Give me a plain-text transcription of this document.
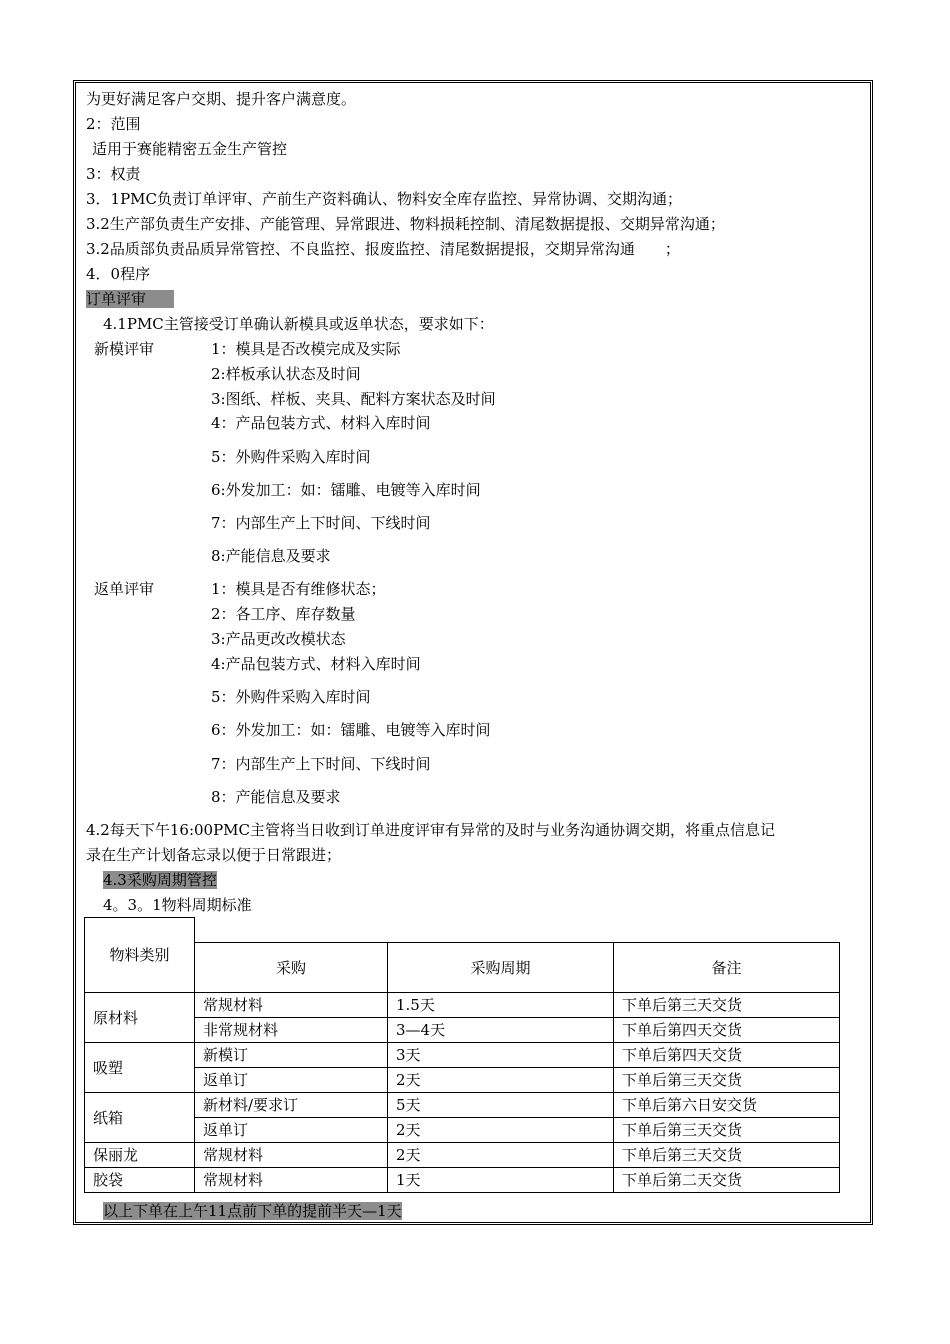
为更好满足客户交期、提升客户满意度。
2：范围
适用于赛能精密五金生产管控
3：权责
3．1PMC负责订单评审、产前生产资料确认、物料安全库存监控、异常协调、交期沟通；
3.2生产部负责生产安排、产能管理、异常跟进、物料损耗控制、清尾数据提报、交期异常沟通；
3.2品质部负责品质异常管控、不良监控、报废监控、清尾数据提报，交期异常沟通　　；
4．0程序
订单评审
4.1PMC主管接受订单确认新模具或返单状态，要求如下：
新模评审	1：模具是否改模完成及实际
2:样板承认状态及时间
3:图纸、样板、夹具、配料方案状态及时间
4：产品包装方式、材料入库时间
5：外购件采购入库时间
6:外发加工：如：镭雕、电镀等入库时间
7：内部生产上下时间、下线时间
8:产能信息及要求
返单评审	1：模具是否有维修状态；
2：各工序、库存数量
3:产品更改改模状态
4:产品包装方式、材料入库时间
5：外购件采购入库时间
6：外发加工：如：镭雕、电镀等入库时间
7：内部生产上下时间、下线时间
8：产能信息及要求
4.2每天下午16:00PMC主管将当日收到订单进度评审有异常的及时与业务沟通协调交期，将重点信息记
录在生产计划备忘录以便于日常跟进；
4.3采购周期管控
4。3。1物料周期标准
物料类别			
	采购	采购周期	备注
原材料	常规材料	1.5天	下单后第三天交货
	非常规材料	3—4天	下单后第四天交货
吸塑	新模订	3天	下单后第四天交货
	返单订	2天	下单后第三天交货
纸箱	新材料/要求订	5天	下单后第六日安交货
	返单订	2天	下单后第三天交货
保丽龙	常规材料	2天	下单后第三天交货
胶袋	常规材料	1天	下单后第二天交货
以上下单在上午11点前下单的提前半天—1天
